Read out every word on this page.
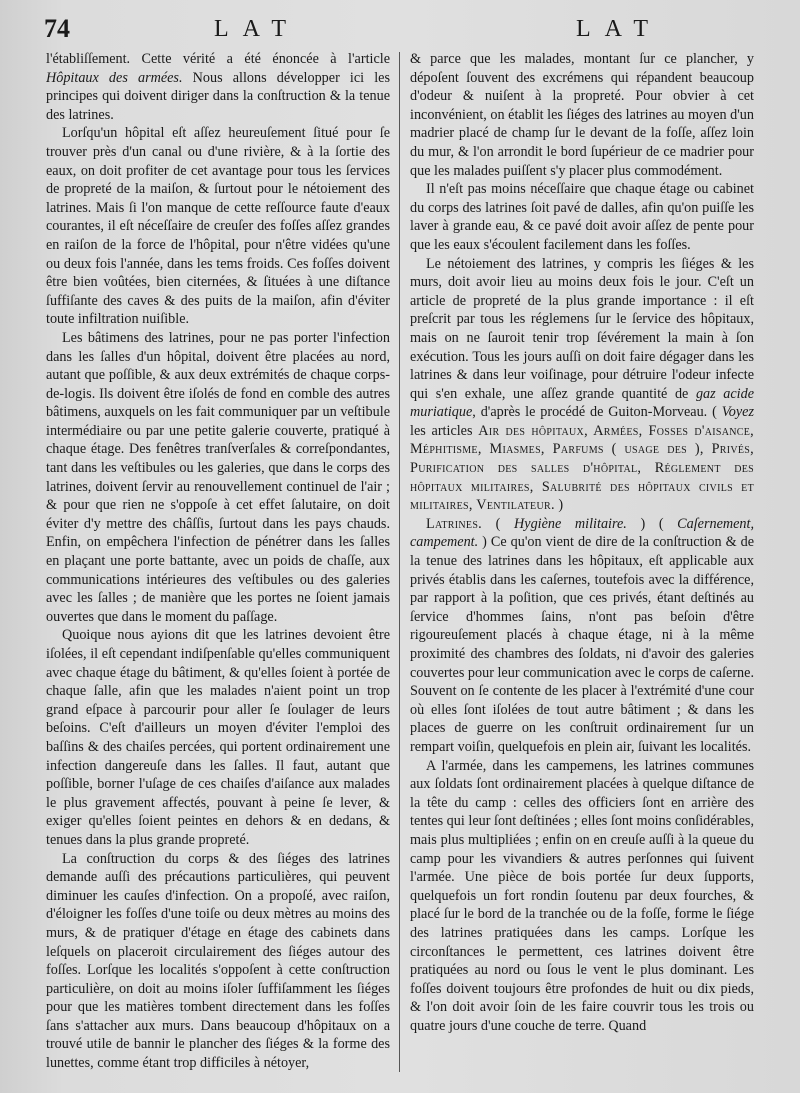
74	LAT	LAT

l'établiſſement. Cette vérité a été énoncée à l'article Hôpitaux des armées. Nous allons développer ici les principes qui doivent diriger dans la conſtruction & la tenue des latrines.

Lorſqu'un hôpital eſt aſſez heureuſement ſitué pour ſe trouver près d'un canal ou d'une rivière, & à la ſortie des eaux, on doit profiter de cet avantage pour tous les ſervices de propreté de la maiſon, & ſurtout pour le nétoiement des latrines. Mais ſi l'on manque de cette reſſource faute d'eaux courantes, il eſt néceſſaire de creuſer des foſſes aſſez grandes en raiſon de la force de l'hôpital, pour n'être vidées qu'une ou deux fois l'année, dans les tems froids. Ces foſſes doivent être bien voûtées, bien citernées, & ſituées à une diſtance ſuffiſante des caves & des puits de la maiſon, afin d'éviter toute infiltration nuiſible.

Les bâtimens des latrines, pour ne pas porter l'infection dans les ſalles d'un hôpital, doivent être placées au nord, autant que poſſible, & aux deux extrémités de chaque corps-de-logis. Ils doivent être iſolés de fond en comble des autres bâtimens, auxquels on les fait communiquer par un veſtibule intermédiaire ou par une petite galerie couverte, pratiqué à chaque étage. Des fenêtres tranſverſales & correſpondantes, tant dans les veſtibules ou les galeries, que dans le corps des latrines, doivent ſervir au renouvellement continuel de l'air ; & pour que rien ne s'oppoſe à cet effet ſalutaire, on doit éviter d'y mettre des châſſis, ſurtout dans les pays chauds. Enfin, on empêchera l'infection de pénétrer dans les ſalles en plaçant une porte battante, avec un poids de chaſſe, aux communications intérieures des veſtibules ou des galeries avec les ſalles ; de manière que les portes ne ſoient jamais ouvertes que dans le moment du paſſage.

Quoique nous ayions dit que les latrines devoient être iſolées, il eſt cependant indiſpenſable qu'elles communiquent avec chaque étage du bâtiment, & qu'elles ſoient à portée de chaque ſalle, afin que les malades n'aient point un trop grand eſpace à parcourir pour aller ſe ſoulager de leurs beſoins. C'eſt d'ailleurs un moyen d'éviter l'emploi des baſſins & des chaiſes percées, qui portent ordinairement une infection dangereuſe dans les ſalles. Il faut, autant que poſſible, borner l'uſage de ces chaiſes d'aiſance aux malades le plus gravement affectés, pouvant à peine ſe lever, & exiger qu'elles ſoient peintes en dehors & en dedans, & tenues dans la plus grande propreté.

La conſtruction du corps & des ſiéges des latrines demande auſſi des précautions particulières, qui peuvent diminuer les cauſes d'infection. On a propoſé, avec raiſon, d'éloigner les foſſes d'une toiſe ou deux mètres au moins des murs, & de pratiquer d'étage en étage des cabinets dans leſquels on placeroit circulairement des ſiéges autour des foſſes. Lorſque les localités s'oppoſent à cette conſtruction particulière, on doit au moins iſoler ſuffiſamment les ſiéges pour que les matières tombent directement dans les foſſes ſans s'attacher aux murs. Dans beaucoup d'hôpitaux on a trouvé utile de bannir le plancher des ſiéges & la forme des lunettes, comme étant trop difficiles à nétoyer,

& parce que les malades, montant ſur ce plancher, y dépoſent ſouvent des excrémens qui répandent beaucoup d'odeur & nuiſent à la propreté. Pour obvier à cet inconvénient, on établit les ſiéges des latrines au moyen d'un madrier placé de champ ſur le devant de la foſſe, aſſez loin du mur, & l'on arrondit le bord ſupérieur de ce madrier pour que les malades puiſſent s'y placer plus commodément.

Il n'eſt pas moins néceſſaire que chaque étage ou cabinet du corps des latrines ſoit pavé de dalles, afin qu'on puiſſe les laver à grande eau, & ce pavé doit avoir aſſez de pente pour que les eaux s'écoulent facilement dans les foſſes.

Le nétoiement des latrines, y compris les ſiéges & les murs, doit avoir lieu au moins deux fois le jour. C'eſt un article de propreté de la plus grande importance : il eſt preſcrit par tous les réglemens ſur le ſervice des hôpitaux, mais on ne ſauroit tenir trop ſévérement la main à ſon exécution. Tous les jours auſſi on doit faire dégager dans les latrines & dans leur voiſinage, pour détruire l'odeur infecte qui s'en exhale, une aſſez grande quantité de gaz acide muriatique, d'après le procédé de Guiton-Morveau. ( Voyez les articles Air des hôpitaux, Armées, Fosses d'aisance, Méphitisme, Miasmes, Parfums ( uſage des ), Privés, Purification des salles d'hôpital, Réglement des hôpitaux militaires, Salubrité des hôpitaux civils et militaires, Ventilateur. )

Latrines. ( Hygiène militaire. ) ( Caſernement, campement. ) Ce qu'on vient de dire de la conſtruction & de la tenue des latrines dans les hôpitaux, eſt applicable aux privés établis dans les caſernes, toutefois avec la différence, par rapport à la poſition, que ces privés, étant deſtinés au ſervice d'hommes ſains, n'ont pas beſoin d'être rigoureuſement placés à chaque étage, ni à la même proximité des chambres des ſoldats, ni d'avoir des galeries couvertes pour leur communication avec le corps de caſerne. Souvent on ſe contente de les placer à l'extrémité d'une cour où elles ſont iſolées de tout autre bâtiment ; & dans les places de guerre on les conſtruit ordinairement ſur un rempart voiſin, quelquefois en plein air, ſuivant les localités.

A l'armée, dans les campemens, les latrines communes aux ſoldats ſont ordinairement placées à quelque diſtance de la tête du camp : celles des officiers ſont en arrière des tentes qui leur ſont deſtinées ; elles ſont moins conſidérables, mais plus multipliées ; enfin on en creuſe auſſi à la queue du camp pour les vivandiers & autres perſonnes qui ſuivent l'armée. Une pièce de bois portée ſur deux ſupports, quelquefois un fort rondin ſoutenu par deux fourches, & placé ſur le bord de la tranchée ou de la foſſe, forme le ſiége des latrines pratiquées dans les camps. Lorſque les circonſtances le permettent, ces latrines doivent être pratiquées au nord ou ſous le vent le plus dominant. Les foſſes doivent toujours être profondes de huit ou dix pieds, & l'on doit avoir ſoin de les faire couvrir tous les trois ou quatre jours d'une couche de terre. Quand
